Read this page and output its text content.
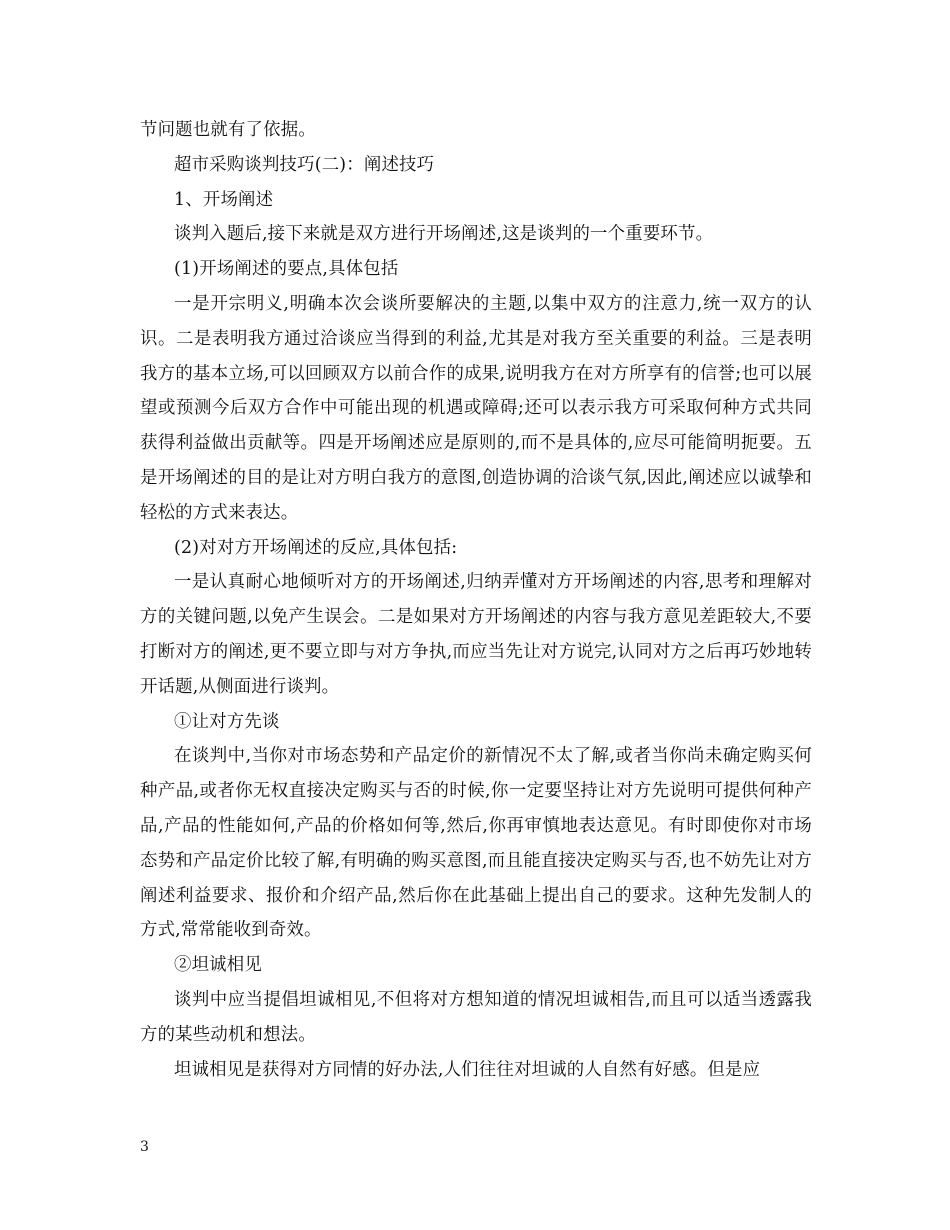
节问题也就有了依据。

超市采购谈判技巧(二)：阐述技巧

1、开场阐述

谈判入题后,接下来就是双方进行开场阐述,这是谈判的一个重要环节。

(1)开场阐述的要点,具体包括

一是开宗明义,明确本次会谈所要解决的主题,以集中双方的注意力,统一双方的认识。二是表明我方通过洽谈应当得到的利益,尤其是对我方至关重要的利益。三是表明我方的基本立场,可以回顾双方以前合作的成果,说明我方在对方所享有的信誉;也可以展望或预测今后双方合作中可能出现的机遇或障碍;还可以表示我方可采取何种方式共同获得利益做出贡献等。四是开场阐述应是原则的,而不是具体的,应尽可能简明扼要。五是开场阐述的目的是让对方明白我方的意图,创造协调的洽谈气氛,因此,阐述应以诚挚和轻松的方式来表达。

(2)对对方开场阐述的反应,具体包括:

一是认真耐心地倾听对方的开场阐述,归纳弄懂对方开场阐述的内容,思考和理解对方的关键问题,以免产生误会。二是如果对方开场阐述的内容与我方意见差距较大,不要打断对方的阐述,更不要立即与对方争执,而应当先让对方说完,认同对方之后再巧妙地转开话题,从侧面进行谈判。

①让对方先谈

在谈判中,当你对市场态势和产品定价的新情况不太了解,或者当你尚未确定购买何种产品,或者你无权直接决定购买与否的时候,你一定要坚持让对方先说明可提供何种产品,产品的性能如何,产品的价格如何等,然后,你再审慎地表达意见。有时即使你对市场态势和产品定价比较了解,有明确的购买意图,而且能直接决定购买与否,也不妨先让对方阐述利益要求、报价和介绍产品,然后你在此基础上提出自己的要求。这种先发制人的方式,常常能收到奇效。

②坦诚相见

谈判中应当提倡坦诚相见,不但将对方想知道的情况坦诚相告,而且可以适当透露我方的某些动机和想法。

坦诚相见是获得对方同情的好办法,人们往往对坦诚的人自然有好感。但是应

3
